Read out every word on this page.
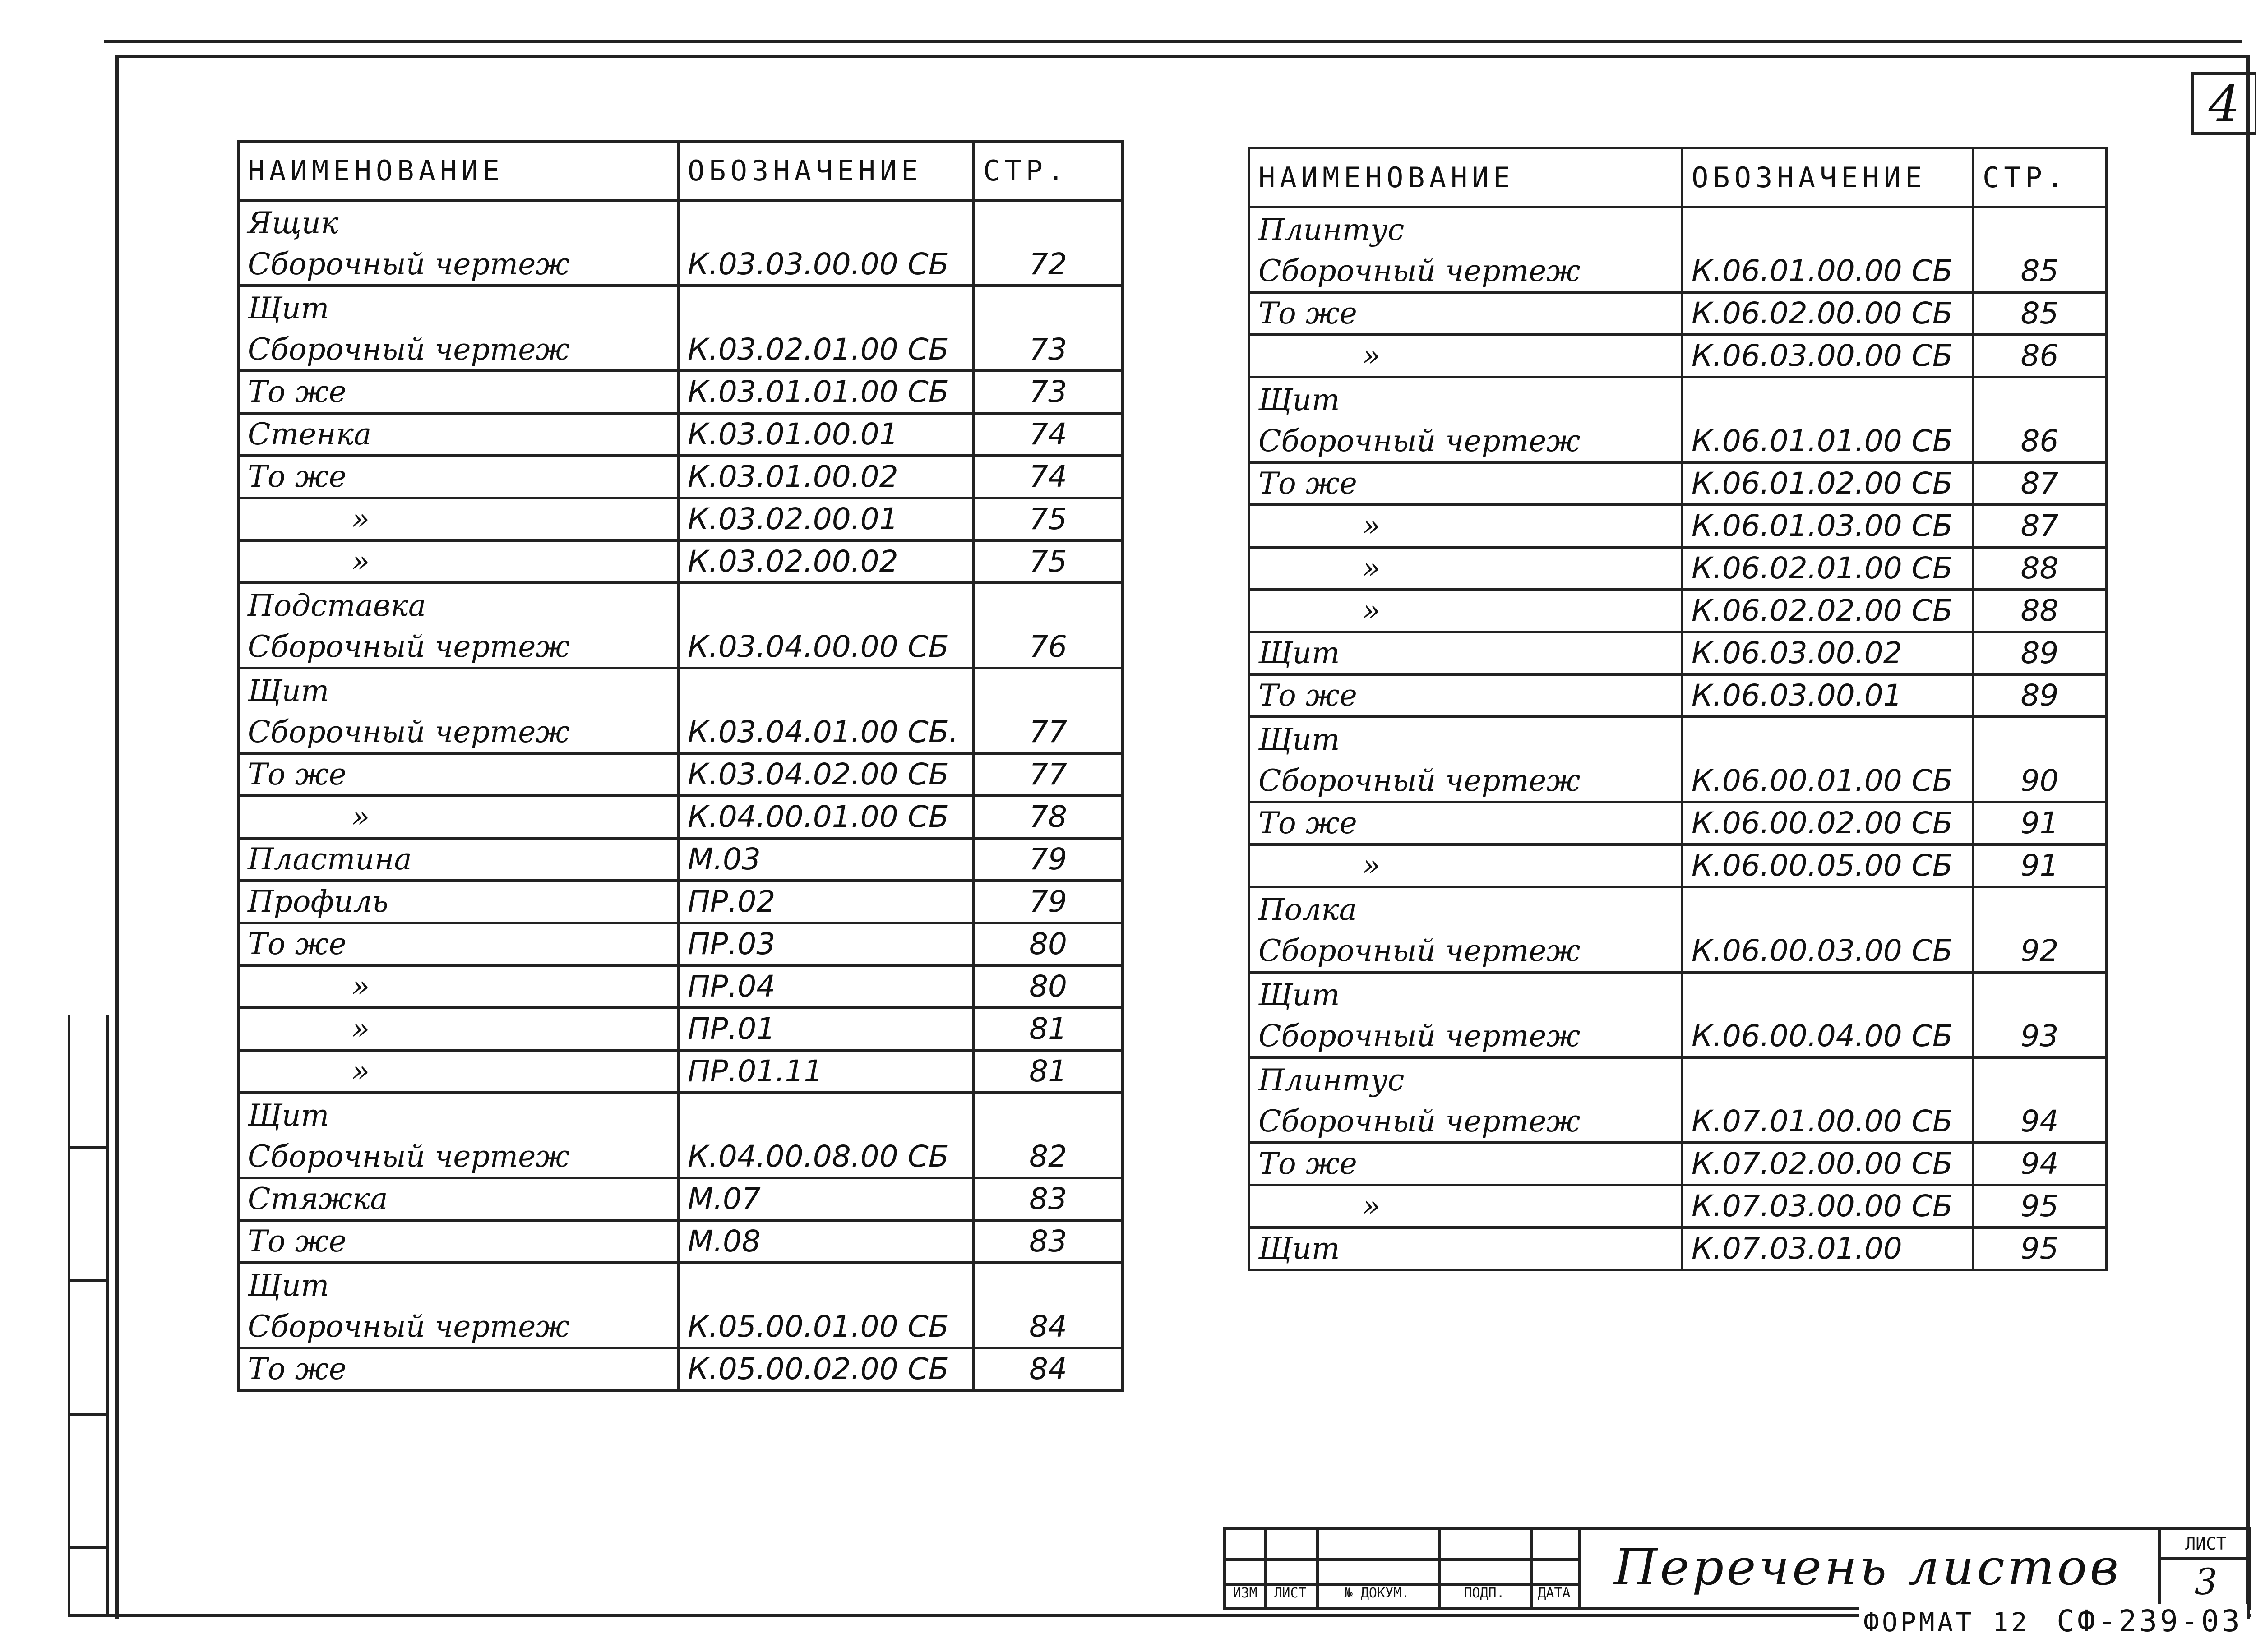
4
НАИМЕНОВАНИЕ	ОБОЗНАЧЕНИЕ	СТР.

Ящик
Сборочный чертеж	К.03.03.00.00 СБ	72

Щит
Сборочный чертеж	К.03.02.01.00 СБ	73
То же	К.03.01.01.00 СБ	73
Стенка	К.03.01.00.01	74
То же	К.03.01.00.02	74
»	К.03.02.00.01	75
»	К.03.02.00.02	75

Подставка
Сборочный чертеж	К.03.04.00.00 СБ	76

Щит
Сборочный чертеж	К.03.04.01.00 СБ.	77
То же	К.03.04.02.00 СБ	77
»	К.04.00.01.00 СБ	78
Пластина	М.03	79
Профиль	ПР.02	79
То же	ПР.03	80
»	ПР.04	80
»	ПР.01	81
»	ПР.01.11	81

Щит
Сборочный чертеж	К.04.00.08.00 СБ	82
Стяжка	М.07	83
То же	М.08	83

Щит
Сборочный чертеж	К.05.00.01.00 СБ	84
То же	К.05.00.02.00 СБ	84
НАИМЕНОВАНИЕ	ОБОЗНАЧЕНИЕ	СТР.

Плинтус
Сборочный чертеж	К.06.01.00.00 СБ	85
То же	К.06.02.00.00 СБ	85
»	К.06.03.00.00 СБ	86

Щит
Сборочный чертеж	К.06.01.01.00 СБ	86
То же	К.06.01.02.00 СБ	87
»	К.06.01.03.00 СБ	87
»	К.06.02.01.00 СБ	88
»	К.06.02.02.00 СБ	88
Щит	К.06.03.00.02	89
То же	К.06.03.00.01	89

Щит
Сборочный чертеж	К.06.00.01.00 СБ	90
То же	К.06.00.02.00 СБ	91
»	К.06.00.05.00 СБ	91

Полка
Сборочный чертеж	К.06.00.03.00 СБ	92

Щит
Сборочный чертеж	К.06.00.04.00 СБ	93

Плинтус
Сборочный чертеж	К.07.01.00.00 СБ	94
То же	К.07.02.00.00 СБ	94
»	К.07.03.00.00 СБ	95
Щит	К.07.03.01.00	95
ИЗМ	ЛИСТ	№ ДОКУМ.	ПОДП.	ДАТА Перечень листов	ЛИСТ
3
ФОРМАТ 12 СФ-239-03
